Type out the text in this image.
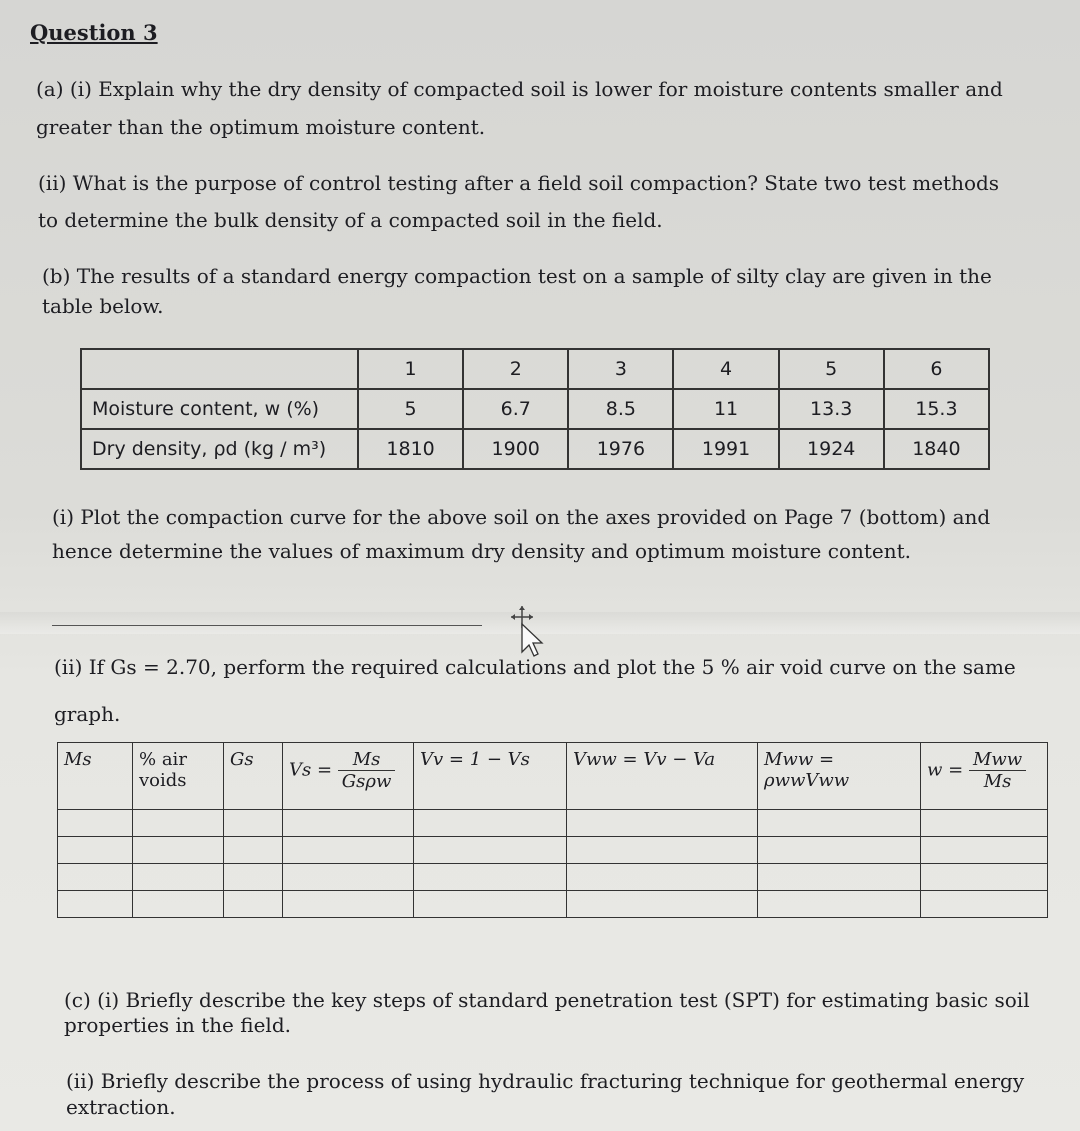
Question 3
(a) (i) Explain why the dry density of compacted soil is lower for moisture contents smaller and
greater than the optimum moisture content.
(ii) What is the purpose of control testing after a field soil compaction? State two test methods
to determine the bulk density of a compacted soil in the field.
(b) The results of a standard energy compaction test on a sample of silty clay are given in the
table below.
	1	2	3	4	5	6
Moisture content, w (%)	5	6.7	8.5	11	13.3	15.3
Dry density, ρd (kg / m³)	1810	1900	1976	1991	1924	1840
(i) Plot the compaction curve for the above soil on the axes provided on Page 7 (bottom) and
hence determine the values of maximum dry density and optimum moisture content.
(ii) If Gs = 2.70, perform the required calculations and plot the 5 % air void curve on the same
graph.
Ms	% air voids	Gs	$Vs = \frac{Ms}{\text{Gsρw}}$	Vv = 1 − Vs	Vww = Vv − Va	Mww = ρwwVww	$w = \frac{\text{Mww}}{Ms}$

(c) (i) Briefly describe the key steps of standard penetration test (SPT) for estimating basic soil
properties in the field.
(ii) Briefly describe the process of using hydraulic fracturing technique for geothermal energy
extraction.
